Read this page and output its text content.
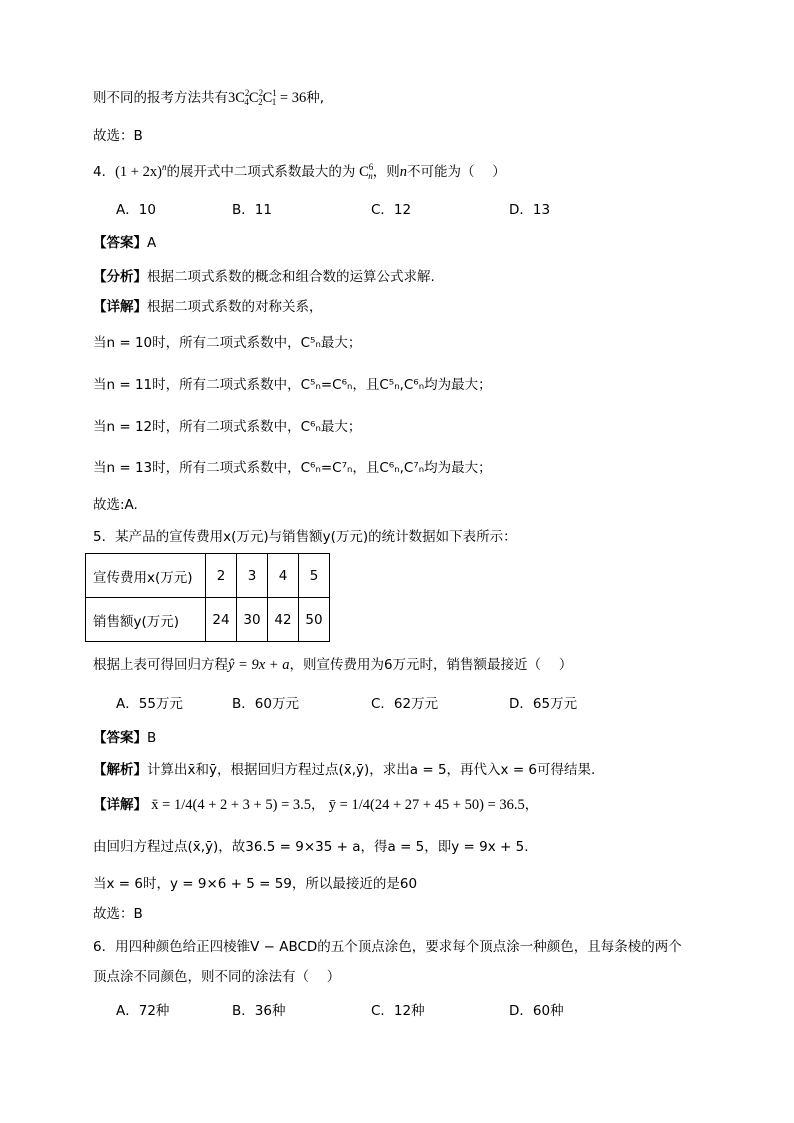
则不同的报考方法共有$3C^2_4C^2_2C^1_1 = 36$种,
故选：B
4．$(1 + 2x)^n$的展开式中二项式系数最大的为 $C^6_n$，则n不可能为（　 ）
A．10	B．11	C．12	D．13
【答案】A
【分析】根据二项式系数的概念和组合数的运算公式求解.
【详解】根据二项式系数的对称关系，
当n = 10时，所有二项式系数中，C⁵ₙ最大；
当n = 11时，所有二项式系数中，C⁵ₙ=C⁶ₙ，且C⁵ₙ,C⁶ₙ均为最大；
当n = 12时，所有二项式系数中，C⁶ₙ最大；
当n = 13时，所有二项式系数中，C⁶ₙ=C⁷ₙ，且C⁶ₙ,C⁷ₙ均为最大；
故选:A.
5．某产品的宣传费用x(万元)与销售额y(万元)的统计数据如下表所示：
宣传费用x(万元)	2	3	4	5
销售额y(万元)	24	30	42	50
根据上表可得回归方程ŷ = 9x + a，则宣传费用为6万元时，销售额最接近（　 ）
A．55万元	B．60万元	C．62万元	D．65万元
【答案】B
【解析】计算出x̄和ȳ，根据回归方程过点(x̄,ȳ)，求出a = 5，再代入x = 6可得结果.
【详解】 x̄ = 1/4(4 + 2 + 3 + 5) = 3.5， ȳ = 1/4(24 + 27 + 45 + 50) = 36.5，
由回归方程过点(x̄,ȳ)，故36.5 = 9×35 + a，得a = 5，即y = 9x + 5.
当x = 6时，y = 9×6 + 5 = 59，所以最接近的是60
故选：B
6．用四种颜色给正四棱锥V − ABCD的五个顶点涂色，要求每个顶点涂一种颜色，且每条棱的两个
顶点涂不同颜色，则不同的涂法有（　 ）
A．72种	B．36种	C．12种	D．60种
